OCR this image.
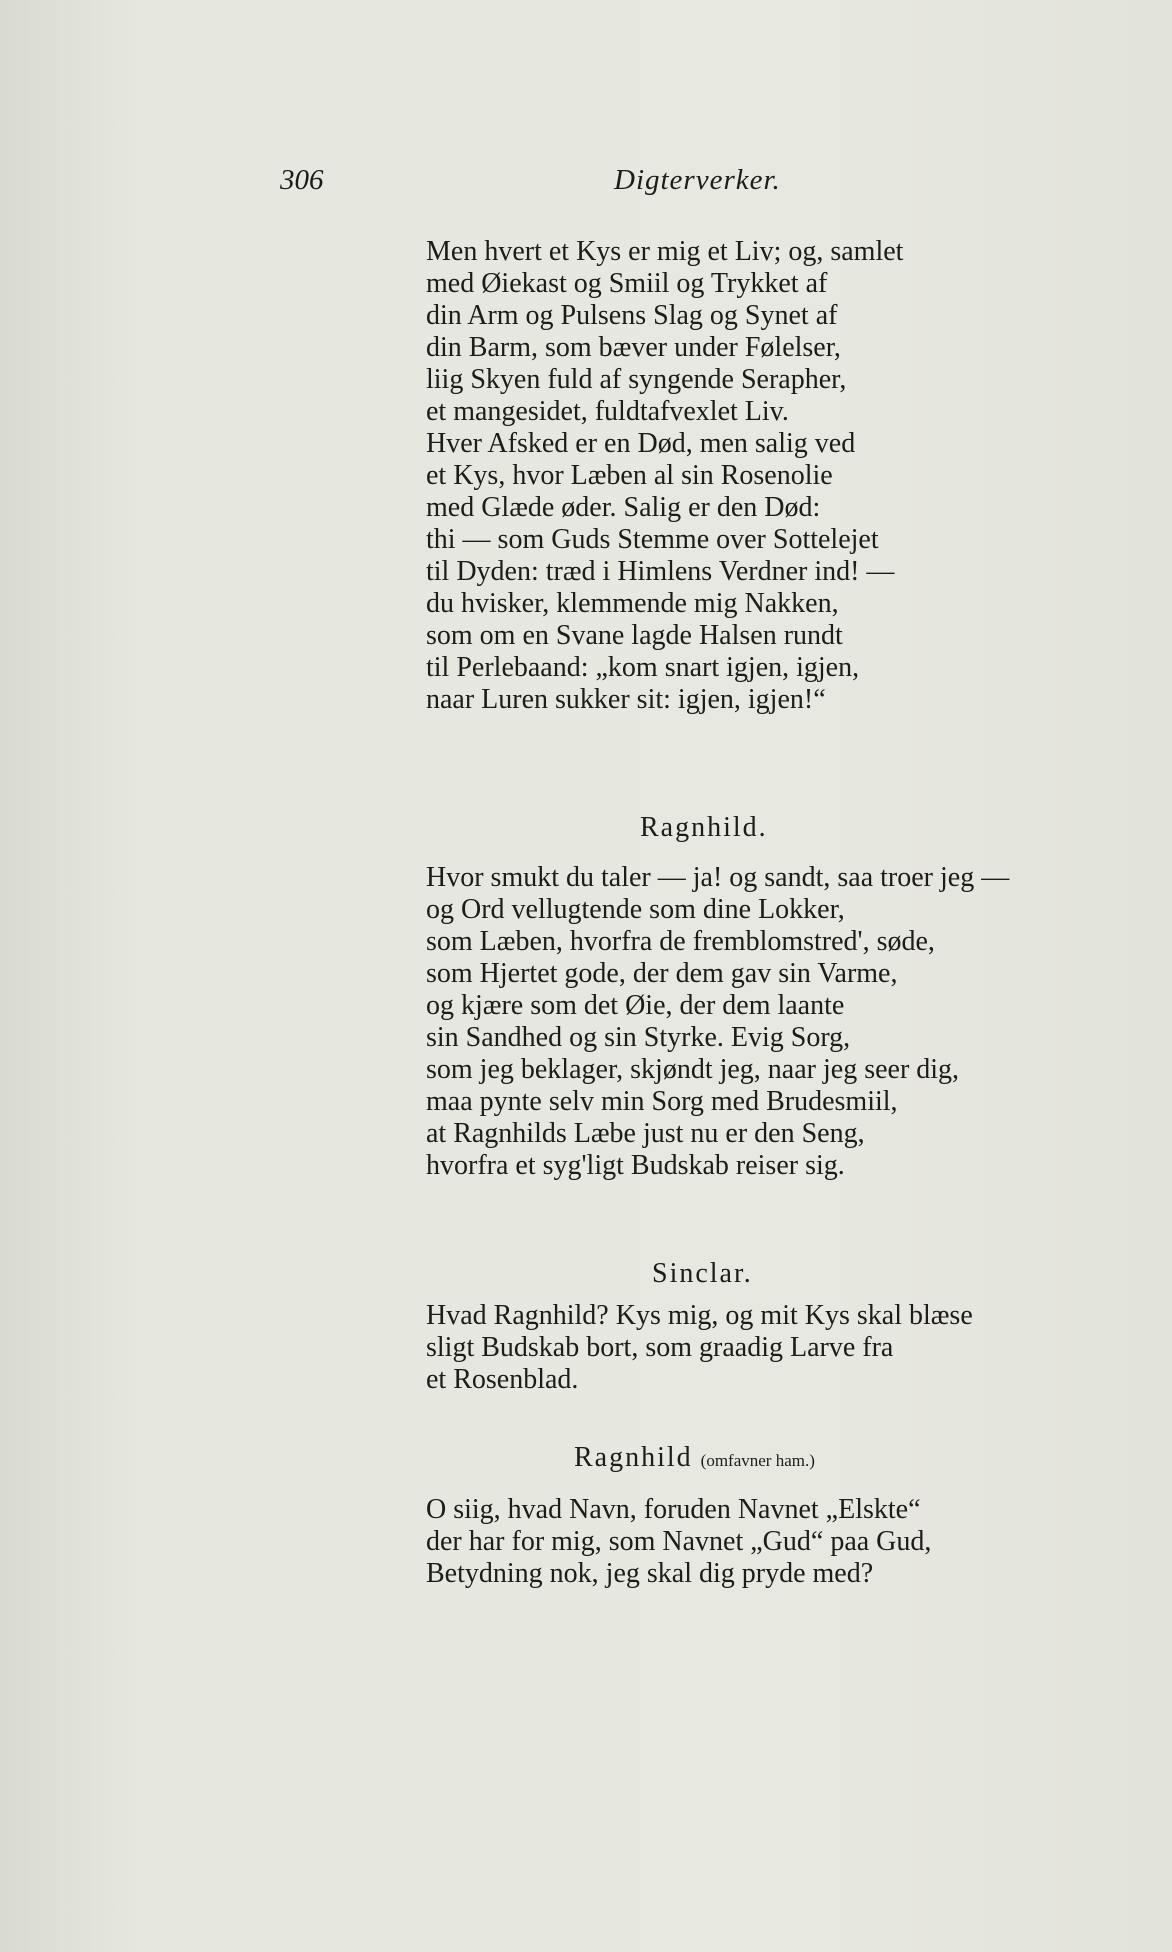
306	Digterverker.
Men hvert et Kys er mig et Liv; og, samlet
med Øiekast og Smiil og Trykket af
din Arm og Pulsens Slag og Synet af
din Barm, som bæver under Følelser,
liig Skyen fuld af syngende Serapher,
et mangesidet, fuldtafvexlet Liv.
Hver Afsked er en Død, men salig ved
et Kys, hvor Læben al sin Rosenolie
med Glæde øder. Salig er den Død:
thi — som Guds Stemme over Sottelejet
til Dyden: træd i Himlens Verdner ind! —
du hvisker, klemmende mig Nakken,
som om en Svane lagde Halsen rundt
til Perlebaand: „kom snart igjen, igjen,
naar Luren sukker sit: igjen, igjen!“
Ragnhild.
Hvor smukt du taler — ja! og sandt, saa troer jeg —
og Ord vellugtende som dine Lokker,
som Læben, hvorfra de fremblomstred', søde,
som Hjertet gode, der dem gav sin Varme,
og kjære som det Øie, der dem laante
sin Sandhed og sin Styrke. Evig Sorg,
som jeg beklager, skjøndt jeg, naar jeg seer dig,
maa pynte selv min Sorg med Brudesmiil,
at Ragnhilds Læbe just nu er den Seng,
hvorfra et syg'ligt Budskab reiser sig.
Sinclar.
Hvad Ragnhild? Kys mig, og mit Kys skal blæse
sligt Budskab bort, som graadig Larve fra
et Rosenblad.
Ragnhild (omfavner ham.)
O siig, hvad Navn, foruden Navnet „Elskte“
der har for mig, som Navnet „Gud“ paa Gud,
Betydning nok, jeg skal dig pryde med?
